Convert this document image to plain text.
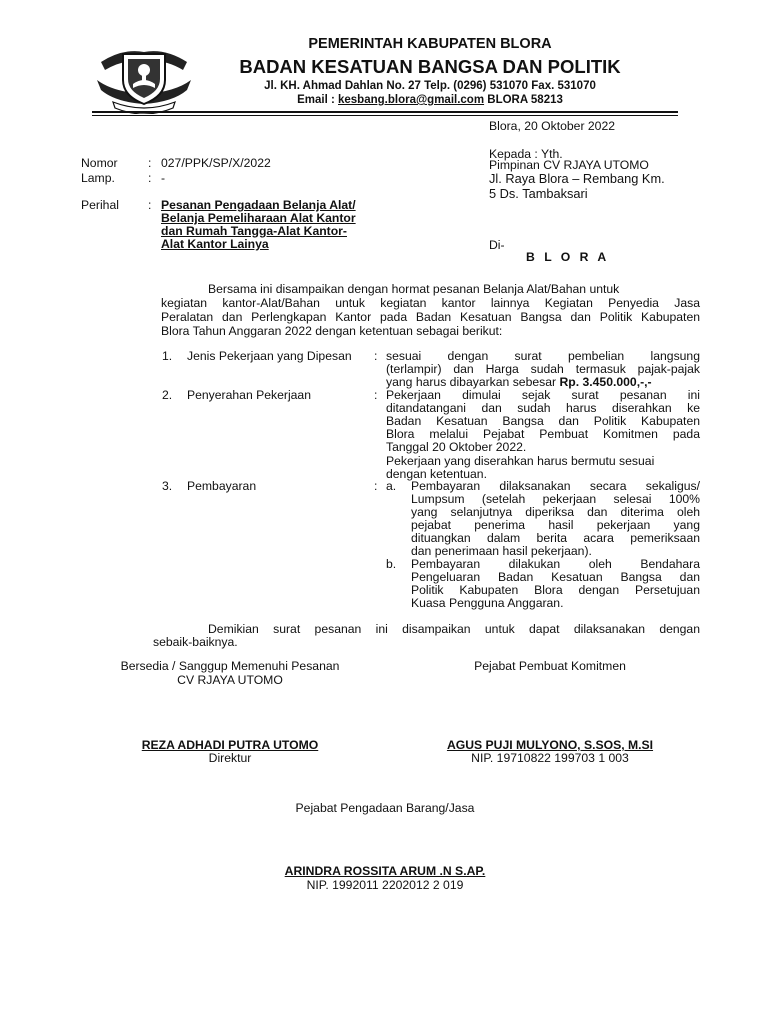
PEMERINTAH KABUPATEN BLORA
BADAN KESATUAN BANGSA DAN POLITIK
Jl. KH. Ahmad Dahlan No. 27 Telp. (0296) 531070 Fax. 531070
Email : kesbang.blora@gmail.com BLORA 58213
Blora, 20 Oktober 2022
Kepada : Yth.
Pimpinan CV RJAYA UTOMO
Jl. Raya Blora – Rembang Km.
5 Ds. Tambaksari
Di-
B L O R A
Nomor : 027/PPK/SP/X/2022
Lamp.	: -
Perihal : Pesanan Pengadaan Belanja Alat/
Belanja Pemeliharaan Alat Kantor
dan Rumah Tangga-Alat Kantor-
Alat Kantor Lainya
Bersama ini disampaikan dengan hormat pesanan Belanja Alat/Bahan untuk
kegiatan kantor-Alat/Bahan untuk kegiatan kantor lainnya Kegiatan Penyedia Jasa
Peralatan dan Perlengkapan Kantor pada Badan Kesatuan Bangsa dan Politik Kabupaten
Blora Tahun Anggaran 2022 dengan ketentuan sebagai berikut:
1. Jenis Pekerjaan yang Dipesan : sesuai dengan surat pembelian langsung
(terlampir) dan Harga sudah termasuk pajak-pajak
yang harus dibayarkan sebesar Rp. 3.450.000,-,-
2. Penyerahan Pekerjaan	: Pekerjaan dimulai sejak surat pesanan ini
ditandatangani dan sudah harus diserahkan ke
Badan Kesatuan Bangsa dan Politik Kabupaten
Blora melalui Pejabat Pembuat Komitmen pada
Tanggal 20 Oktober 2022.
Pekerjaan yang diserahkan harus bermutu sesuai
dengan ketentuan.
3. Pembayaran	: a. Pembayaran dilaksanakan secara sekaligus/
Lumpsum (setelah pekerjaan selesai 100%
yang selanjutnya diperiksa dan diterima oleh
pejabat penerima hasil pekerjaan yang
dituangkan dalam berita acara pemeriksaan
dan penerimaan hasil pekerjaan).
b. Pembayaran dilakukan oleh Bendahara
Pengeluaran Badan Kesatuan Bangsa dan
Politik Kabupaten Blora dengan Persetujuan
Kuasa Pengguna Anggaran.
Demikian surat pesanan ini disampaikan untuk dapat dilaksanakan dengan
sebaik-baiknya.
Bersedia / Sanggup Memenuhi Pesanan
CV RJAYA UTOMO
Pejabat Pembuat Komitmen
REZA ADHADI PUTRA UTOMO
Direktur
AGUS PUJI MULYONO, S.SOS, M.SI
NIP. 19710822 199703 1 003
Pejabat Pengadaan Barang/Jasa
ARINDRA ROSSITA ARUM .N S.AP.
NIP. 1992011 2202012 2 019
